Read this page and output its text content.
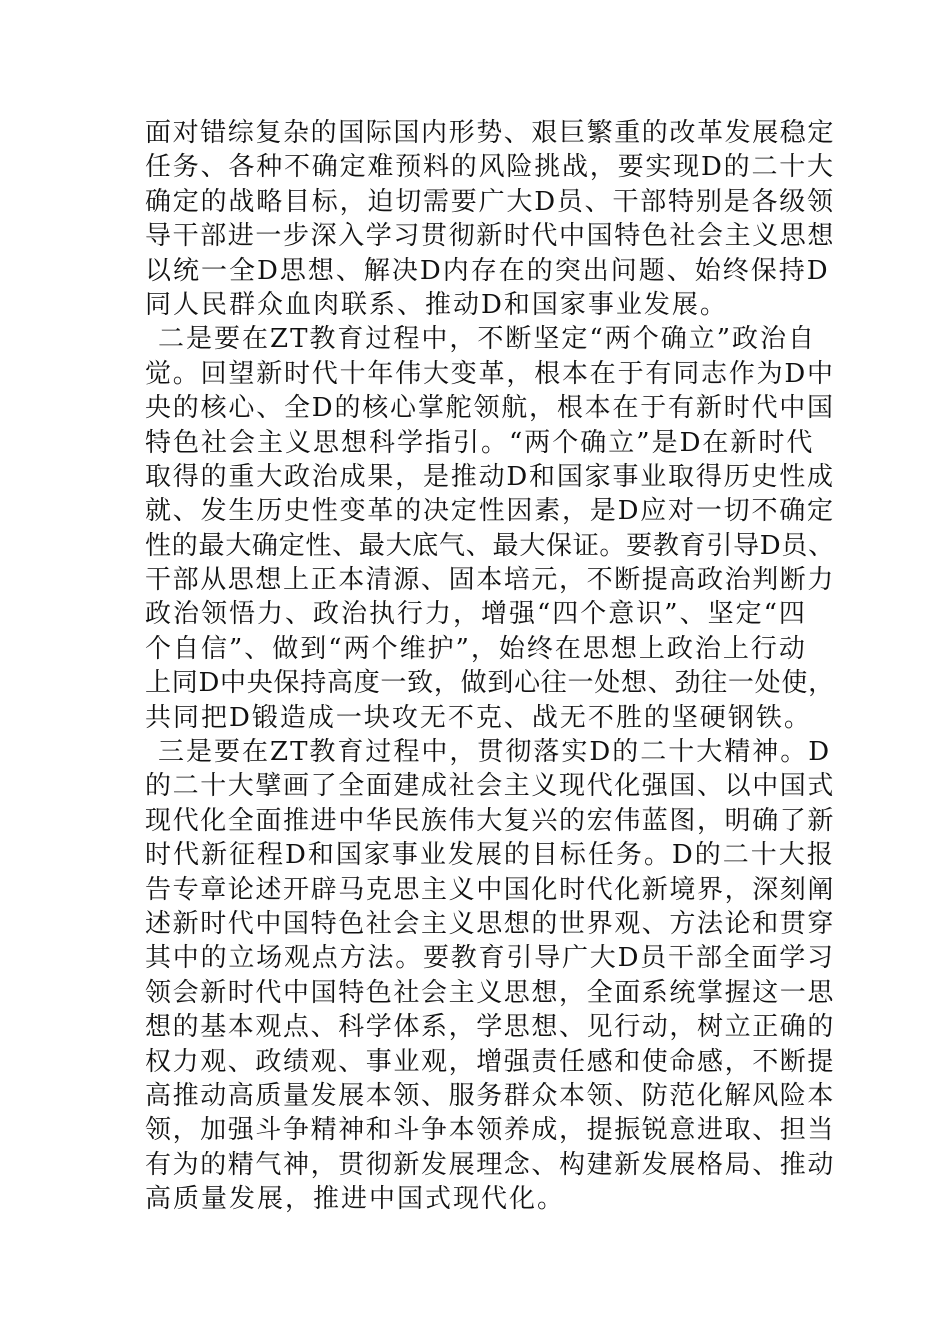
面对错综复杂的国际国内形势、艰巨繁重的改革发展稳定
任务、各种不确定难预料的风险挑战，要实现D的二十大
确定的战略目标，迫切需要广大D员、干部特别是各级领
导干部进一步深入学习贯彻新时代中国特色社会主义思想
以统一全D思想、解决D内存在的突出问题、始终保持D
同人民群众血肉联系、推动D和国家事业发展。
二是要在ZT教育过程中，不断坚定“两个确立”政治自
觉。回望新时代十年伟大变革，根本在于有同志作为D中
央的核心、全D的核心掌舵领航，根本在于有新时代中国
特色社会主义思想科学指引。“两个确立”是D在新时代
取得的重大政治成果，是推动D和国家事业取得历史性成
就、发生历史性变革的决定性因素，是D应对一切不确定
性的最大确定性、最大底气、最大保证。要教育引导D员、
干部从思想上正本清源、固本培元，不断提高政治判断力
政治领悟力、政治执行力，增强“四个意识”、坚定“四
个自信”、做到“两个维护”，始终在思想上政治上行动
上同D中央保持高度一致，做到心往一处想、劲往一处使，
共同把D锻造成一块攻无不克、战无不胜的坚硬钢铁。
三是要在ZT教育过程中，贯彻落实D的二十大精神。D
的二十大擘画了全面建成社会主义现代化强国、以中国式
现代化全面推进中华民族伟大复兴的宏伟蓝图，明确了新
时代新征程D和国家事业发展的目标任务。D的二十大报
告专章论述开辟马克思主义中国化时代化新境界，深刻阐
述新时代中国特色社会主义思想的世界观、方法论和贯穿
其中的立场观点方法。要教育引导广大D员干部全面学习
领会新时代中国特色社会主义思想，全面系统掌握这一思
想的基本观点、科学体系，学思想、见行动，树立正确的
权力观、政绩观、事业观，增强责任感和使命感，不断提
高推动高质量发展本领、服务群众本领、防范化解风险本
领，加强斗争精神和斗争本领养成，提振锐意进取、担当
有为的精气神，贯彻新发展理念、构建新发展格局、推动
高质量发展，推进中国式现代化。
